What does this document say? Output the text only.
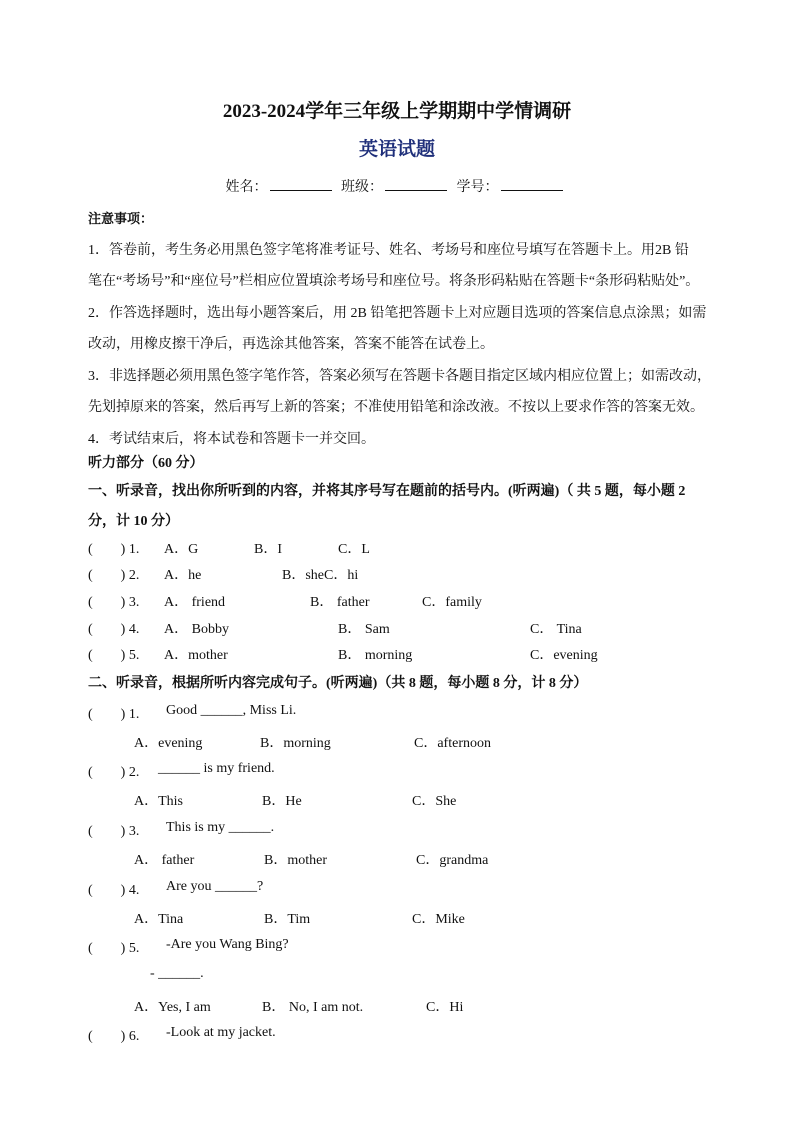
2023-2024学年三年级上学期期中学情调研
英语试题
姓名：	班级：	学号：
注意事项：
1．答卷前，考生务必用黑色签字笔将准考证号、姓名、考场号和座位号填写在答题卡上。用2B 铅
笔在“考场号”和“座位号”栏相应位置填涂考场号和座位号。将条形码粘贴在答题卡“条形码粘贴处”。
2．作答选择题时，选出每小题答案后，用 2B 铅笔把答题卡上对应题目选项的答案信息点涂黑；如需
改动，用橡皮擦干净后，再选涂其他答案，答案不能答在试卷上。
3．非选择题必须用黑色签字笔作答，答案必须写在答题卡各题目指定区域内相应位置上；如需改动，
先划掉原来的答案，然后再写上新的答案；不准使用铅笔和涂改液。不按以上要求作答的答案无效。
4．考试结束后，将本试卷和答题卡一并交回。
听力部分（60 分）
一、听录音，找出你所听到的内容，并将其序号写在题前的括号内。(听两遍)（ 共 5 题，每小题 2
分，计 10 分）
(　　) 1. A．G	B．I	C．L
(　　) 2. A．he	B．sheC．hi
(　　) 3. A． friend	B． father	C．family
(　　) 4. A． Bobby	B． Sam	C． Tina
(　　) 5. A．mother	B． morning	C．evening
二、听录音，根据所听内容完成句子。(听两遍)（共 8 题，每小题 8 分，计 8 分）
(　　) 1. Good ______, Miss Li.
A．evening	B．morning	C．afternoon
(　　) 2. ______ is my friend.
A．This	B．He	C．She
(　　) 3. This is my ______.
A． father	B．mother	C．grandma
(　　) 4. Are you ______?
A．Tina	B．Tim	C．Mike
(　　) 5. -Are you Wang Bing?
- ______.
A．Yes, I am	B． No, I am not.	C．Hi
(　　) 6. -Look at my jacket.
